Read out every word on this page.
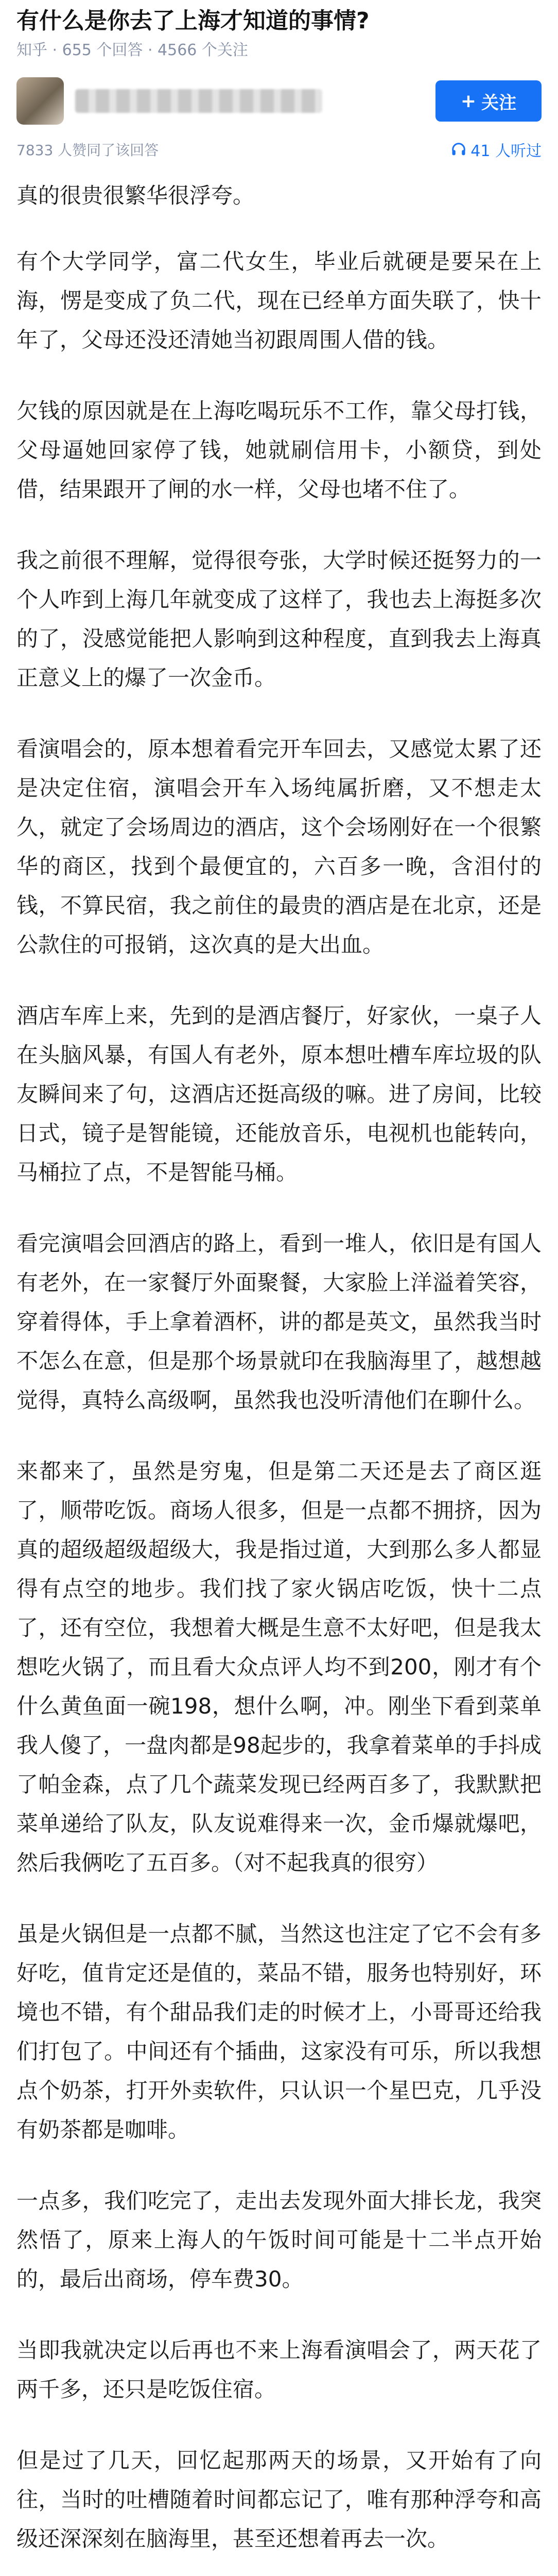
有什么是你去了上海才知道的事情?
知乎 · 655 个回答 · 4566 个关注
+ 关注
7833 人赞同了该回答	41 人听过

真的很贵很繁华很浮夸。

有个大学同学，富二代女生，毕业后就硬是要呆在上海，愣是变成了负二代，现在已经单方面失联了，快十年了，父母还没还清她当初跟周围人借的钱。

欠钱的原因就是在上海吃喝玩乐不工作，靠父母打钱，父母逼她回家停了钱，她就刷信用卡，小额贷，到处借，结果跟开了闸的水一样，父母也堵不住了。

我之前很不理解，觉得很夸张，大学时候还挺努力的一个人咋到上海几年就变成了这样了，我也去上海挺多次的了，没感觉能把人影响到这种程度，直到我去上海真正意义上的爆了一次金币。

看演唱会的，原本想着看完开车回去，又感觉太累了还是决定住宿，演唱会开车入场纯属折磨，又不想走太久，就定了会场周边的酒店，这个会场刚好在一个很繁华的商区，找到个最便宜的，六百多一晚，含泪付的钱，不算民宿，我之前住的最贵的酒店是在北京，还是公款住的可报销，这次真的是大出血。

酒店车库上来，先到的是酒店餐厅，好家伙，一桌子人在头脑风暴，有国人有老外，原本想吐槽车库垃圾的队友瞬间来了句，这酒店还挺高级的嘛。进了房间，比较日式，镜子是智能镜，还能放音乐，电视机也能转向，马桶拉了点，不是智能马桶。

看完演唱会回酒店的路上，看到一堆人，依旧是有国人有老外，在一家餐厅外面聚餐，大家脸上洋溢着笑容，穿着得体，手上拿着酒杯，讲的都是英文，虽然我当时不怎么在意，但是那个场景就印在我脑海里了，越想越觉得，真特么高级啊，虽然我也没听清他们在聊什么。

来都来了，虽然是穷鬼，但是第二天还是去了商区逛了，顺带吃饭。商场人很多，但是一点都不拥挤，因为真的超级超级超级大，我是指过道，大到那么多人都显得有点空的地步。我们找了家火锅店吃饭，快十二点了，还有空位，我想着大概是生意不太好吧，但是我太想吃火锅了，而且看大众点评人均不到200，刚才有个什么黄鱼面一碗198，想什么啊，冲。刚坐下看到菜单我人傻了，一盘肉都是98起步的，我拿着菜单的手抖成了帕金森，点了几个蔬菜发现已经两百多了，我默默把菜单递给了队友，队友说难得来一次，金币爆就爆吧，然后我俩吃了五百多。（对不起我真的很穷）

虽是火锅但是一点都不腻，当然这也注定了它不会有多好吃，值肯定还是值的，菜品不错，服务也特别好，环境也不错，有个甜品我们走的时候才上，小哥哥还给我们打包了。中间还有个插曲，这家没有可乐，所以我想点个奶茶，打开外卖软件，只认识一个星巴克，几乎没有奶茶都是咖啡。

一点多，我们吃完了，走出去发现外面大排长龙，我突然悟了，原来上海人的午饭时间可能是十二半点开始的，最后出商场，停车费30。

当即我就决定以后再也不来上海看演唱会了，两天花了两千多，还只是吃饭住宿。

但是过了几天，回忆起那两天的场景，又开始有了向往，当时的吐槽随着时间都忘记了，唯有那种浮夸和高级还深深刻在脑海里，甚至还想着再去一次。
